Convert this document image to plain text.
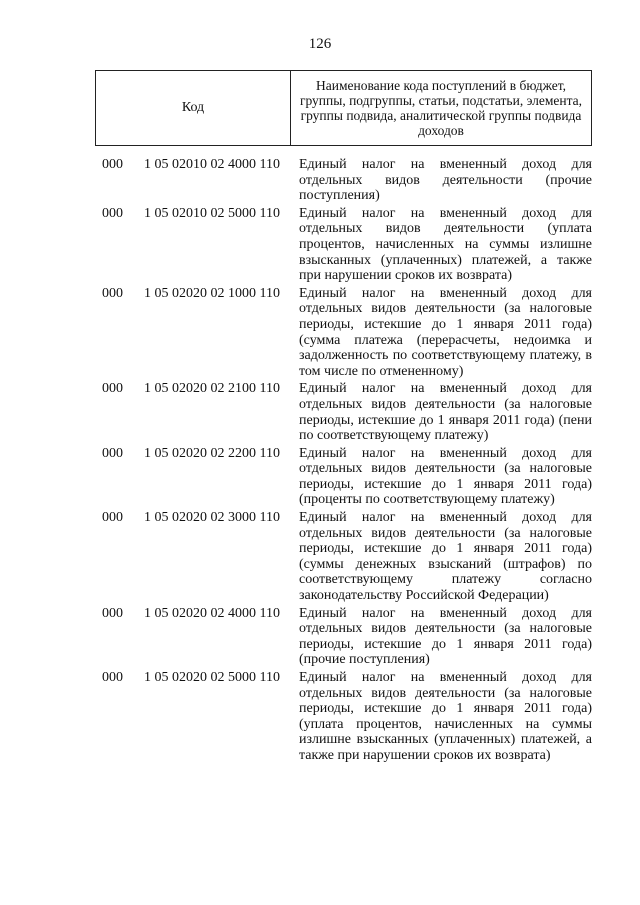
126
Код
Наименование кода поступлений в бюджет, группы, подгруппы, статьи, подстатьи, элемента, группы подвида, аналитической группы подвида доходов
000	1 05 02010 02 4000 110	Единый налог на вмененный доход для отдельных видов деятельности (прочие поступления)
000	1 05 02010 02 5000 110	Единый налог на вмененный доход для отдельных видов деятельности (уплата процентов, начисленных на суммы излишне взысканных (уплаченных) платежей, а также при нарушении сроков их возврата)
000	1 05 02020 02 1000 110	Единый налог на вмененный доход для отдельных видов деятельности (за налоговые периоды, истекшие до 1 января 2011 года) (сумма платежа (перерасчеты, недоимка и задолженность по соответствующему платежу, в том числе по отмененному)
000	1 05 02020 02 2100 110	Единый налог на вмененный доход для отдельных видов деятельности (за налоговые периоды, истекшие до 1 января 2011 года) (пени по соответствующему платежу)
000	1 05 02020 02 2200 110	Единый налог на вмененный доход для отдельных видов деятельности (за налоговые периоды, истекшие до 1 января 2011 года) (проценты по соответствующему платежу)
000	1 05 02020 02 3000 110	Единый налог на вмененный доход для отдельных видов деятельности (за налоговые периоды, истекшие до 1 января 2011 года) (суммы денежных взысканий (штрафов) по соответствующему платежу согласно законодательству Российской Федерации)
000	1 05 02020 02 4000 110	Единый налог на вмененный доход для отдельных видов деятельности (за налоговые периоды, истекшие до 1 января 2011 года) (прочие поступления)
000	1 05 02020 02 5000 110	Единый налог на вмененный доход для отдельных видов деятельности (за налоговые периоды, истекшие до 1 января 2011 года) (уплата процентов, начисленных на суммы излишне взысканных (уплаченных) платежей, а также при нарушении сроков их возврата)
